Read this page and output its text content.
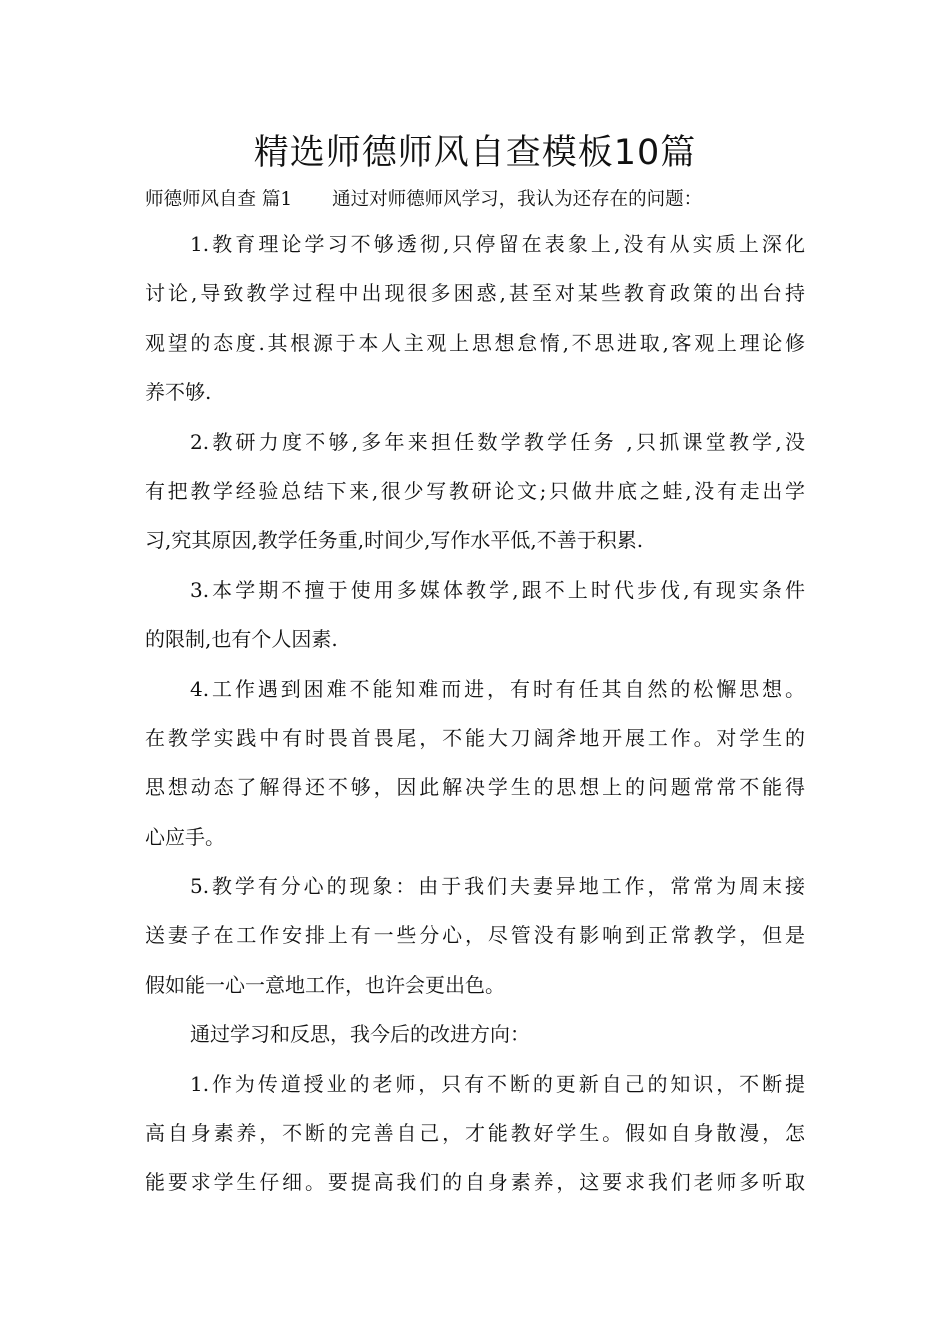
精选师德师风自查模板10篇
师德师风自查 篇1 通过对师德师风学习，我认为还存在的问题：
1.教育理论学习不够透彻,只停留在表象上,没有从实质上深化
讨论,导致教学过程中出现很多困惑,甚至对某些教育政策的出台持
观望的态度.其根源于本人主观上思想怠惰,不思进取,客观上理论修
养不够.
2.教研力度不够,多年来担任数学教学任务 ,只抓课堂教学,没
有把教学经验总结下来,很少写教研论文;只做井底之蛙,没有走出学
习,究其原因,教学任务重,时间少,写作水平低,不善于积累.
3.本学期不擅于使用多媒体教学,跟不上时代步伐,有现实条件
的限制,也有个人因素.
4.工作遇到困难不能知难而进，有时有任其自然的松懈思想。
在教学实践中有时畏首畏尾，不能大刀阔斧地开展工作。对学生的
思想动态了解得还不够，因此解决学生的思想上的问题常常不能得
心应手。
5.教学有分心的现象：由于我们夫妻异地工作，常常为周末接
送妻子在工作安排上有一些分心，尽管没有影响到正常教学，但是
假如能一心一意地工作，也许会更出色。
通过学习和反思，我今后的改进方向：
1.作为传道授业的老师，只有不断的更新自己的知识，不断提
高自身素养，不断的完善自己，才能教好学生。假如自身散漫，怎
能要求学生仔细。要提高我们的自身素养，这要求我们老师多听取
